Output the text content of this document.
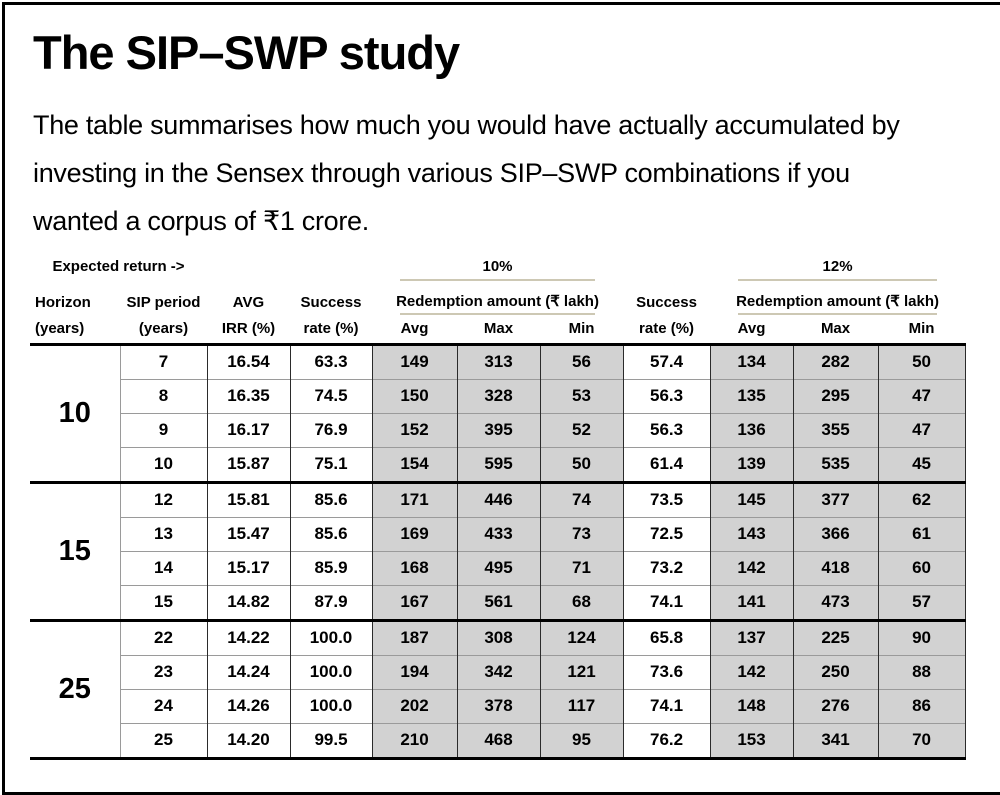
The SIP–SWP study

The table summarises how much you would have actually accumulated by
investing in the Sensex through various SIP–SWP combinations if you
wanted a corpus of ₹1 crore.

Expected return ->				10%				12%		

Horizon	SIP period	AVG	Success	Redemption amount (₹ lakh)			Success	Redemption amount (₹ lakh)		

(years)	(years)	IRR (%)	rate (%)	Avg	Max	Min	rate (%)	Avg	Max	Min
10	7	16.54	63.3	149	313	56	57.4	134	282	50
	8	16.35	74.5	150	328	53	56.3	135	295	47
	9	16.17	76.9	152	395	52	56.3	136	355	47
	10	15.87	75.1	154	595	50	61.4	139	535	45
15	12	15.81	85.6	171	446	74	73.5	145	377	62
	13	15.47	85.6	169	433	73	72.5	143	366	61
	14	15.17	85.9	168	495	71	73.2	142	418	60
	15	14.82	87.9	167	561	68	74.1	141	473	57
25	22	14.22	100.0	187	308	124	65.8	137	225	90
	23	14.24	100.0	194	342	121	73.6	142	250	88
	24	14.26	100.0	202	378	117	74.1	148	276	86
	25	14.20	99.5	210	468	95	76.2	153	341	70
